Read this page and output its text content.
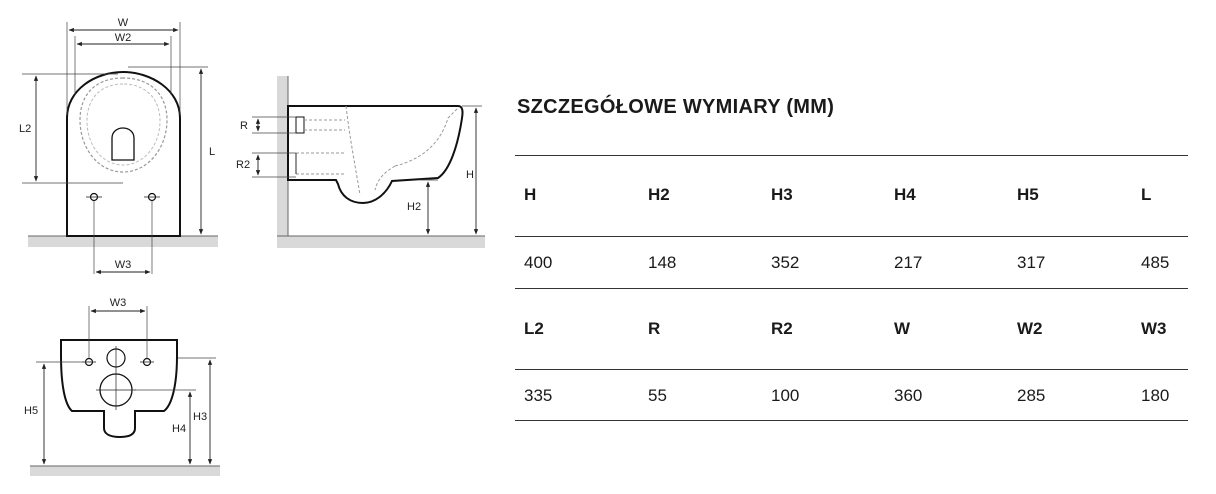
W
W2
L2
L
W3
R
R2
H
H2
W3
H5
H4
H3
SZCZEGÓŁOWE WYMIARY (MM)
H	H2	H3	H4	H5	L
400	148	352	217	317	485
L2	R	R2	W	W2	W3
335	55	100	360	285	180
